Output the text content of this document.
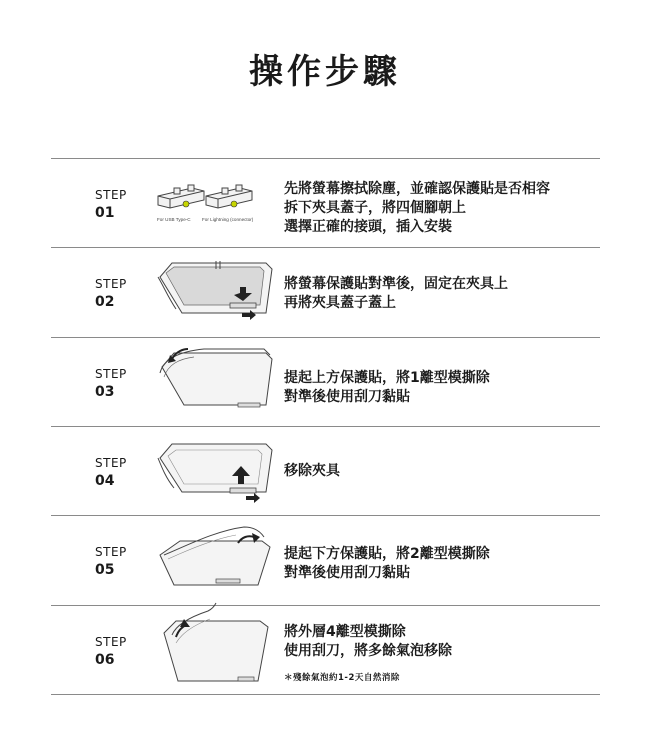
操作步驟
STEP
01	For USB Type-C For Lightning (connector)
先將螢幕擦拭除塵，並確認保護貼是否相容
拆下夾具蓋子，將四個腳朝上
選擇正確的接頭，插入安裝
STEP
02
將螢幕保護貼對準後，固定在夾具上
再將夾具蓋子蓋上
STEP
03
提起上方保護貼，將1離型模撕除
對準後使用刮刀黏貼
STEP
04
移除夾具
STEP
05
提起下方保護貼，將2離型模撕除
對準後使用刮刀黏貼
STEP
06
將外層4離型模撕除
使用刮刀，將多餘氣泡移除
＊殘餘氣泡約1-2天自然消除
